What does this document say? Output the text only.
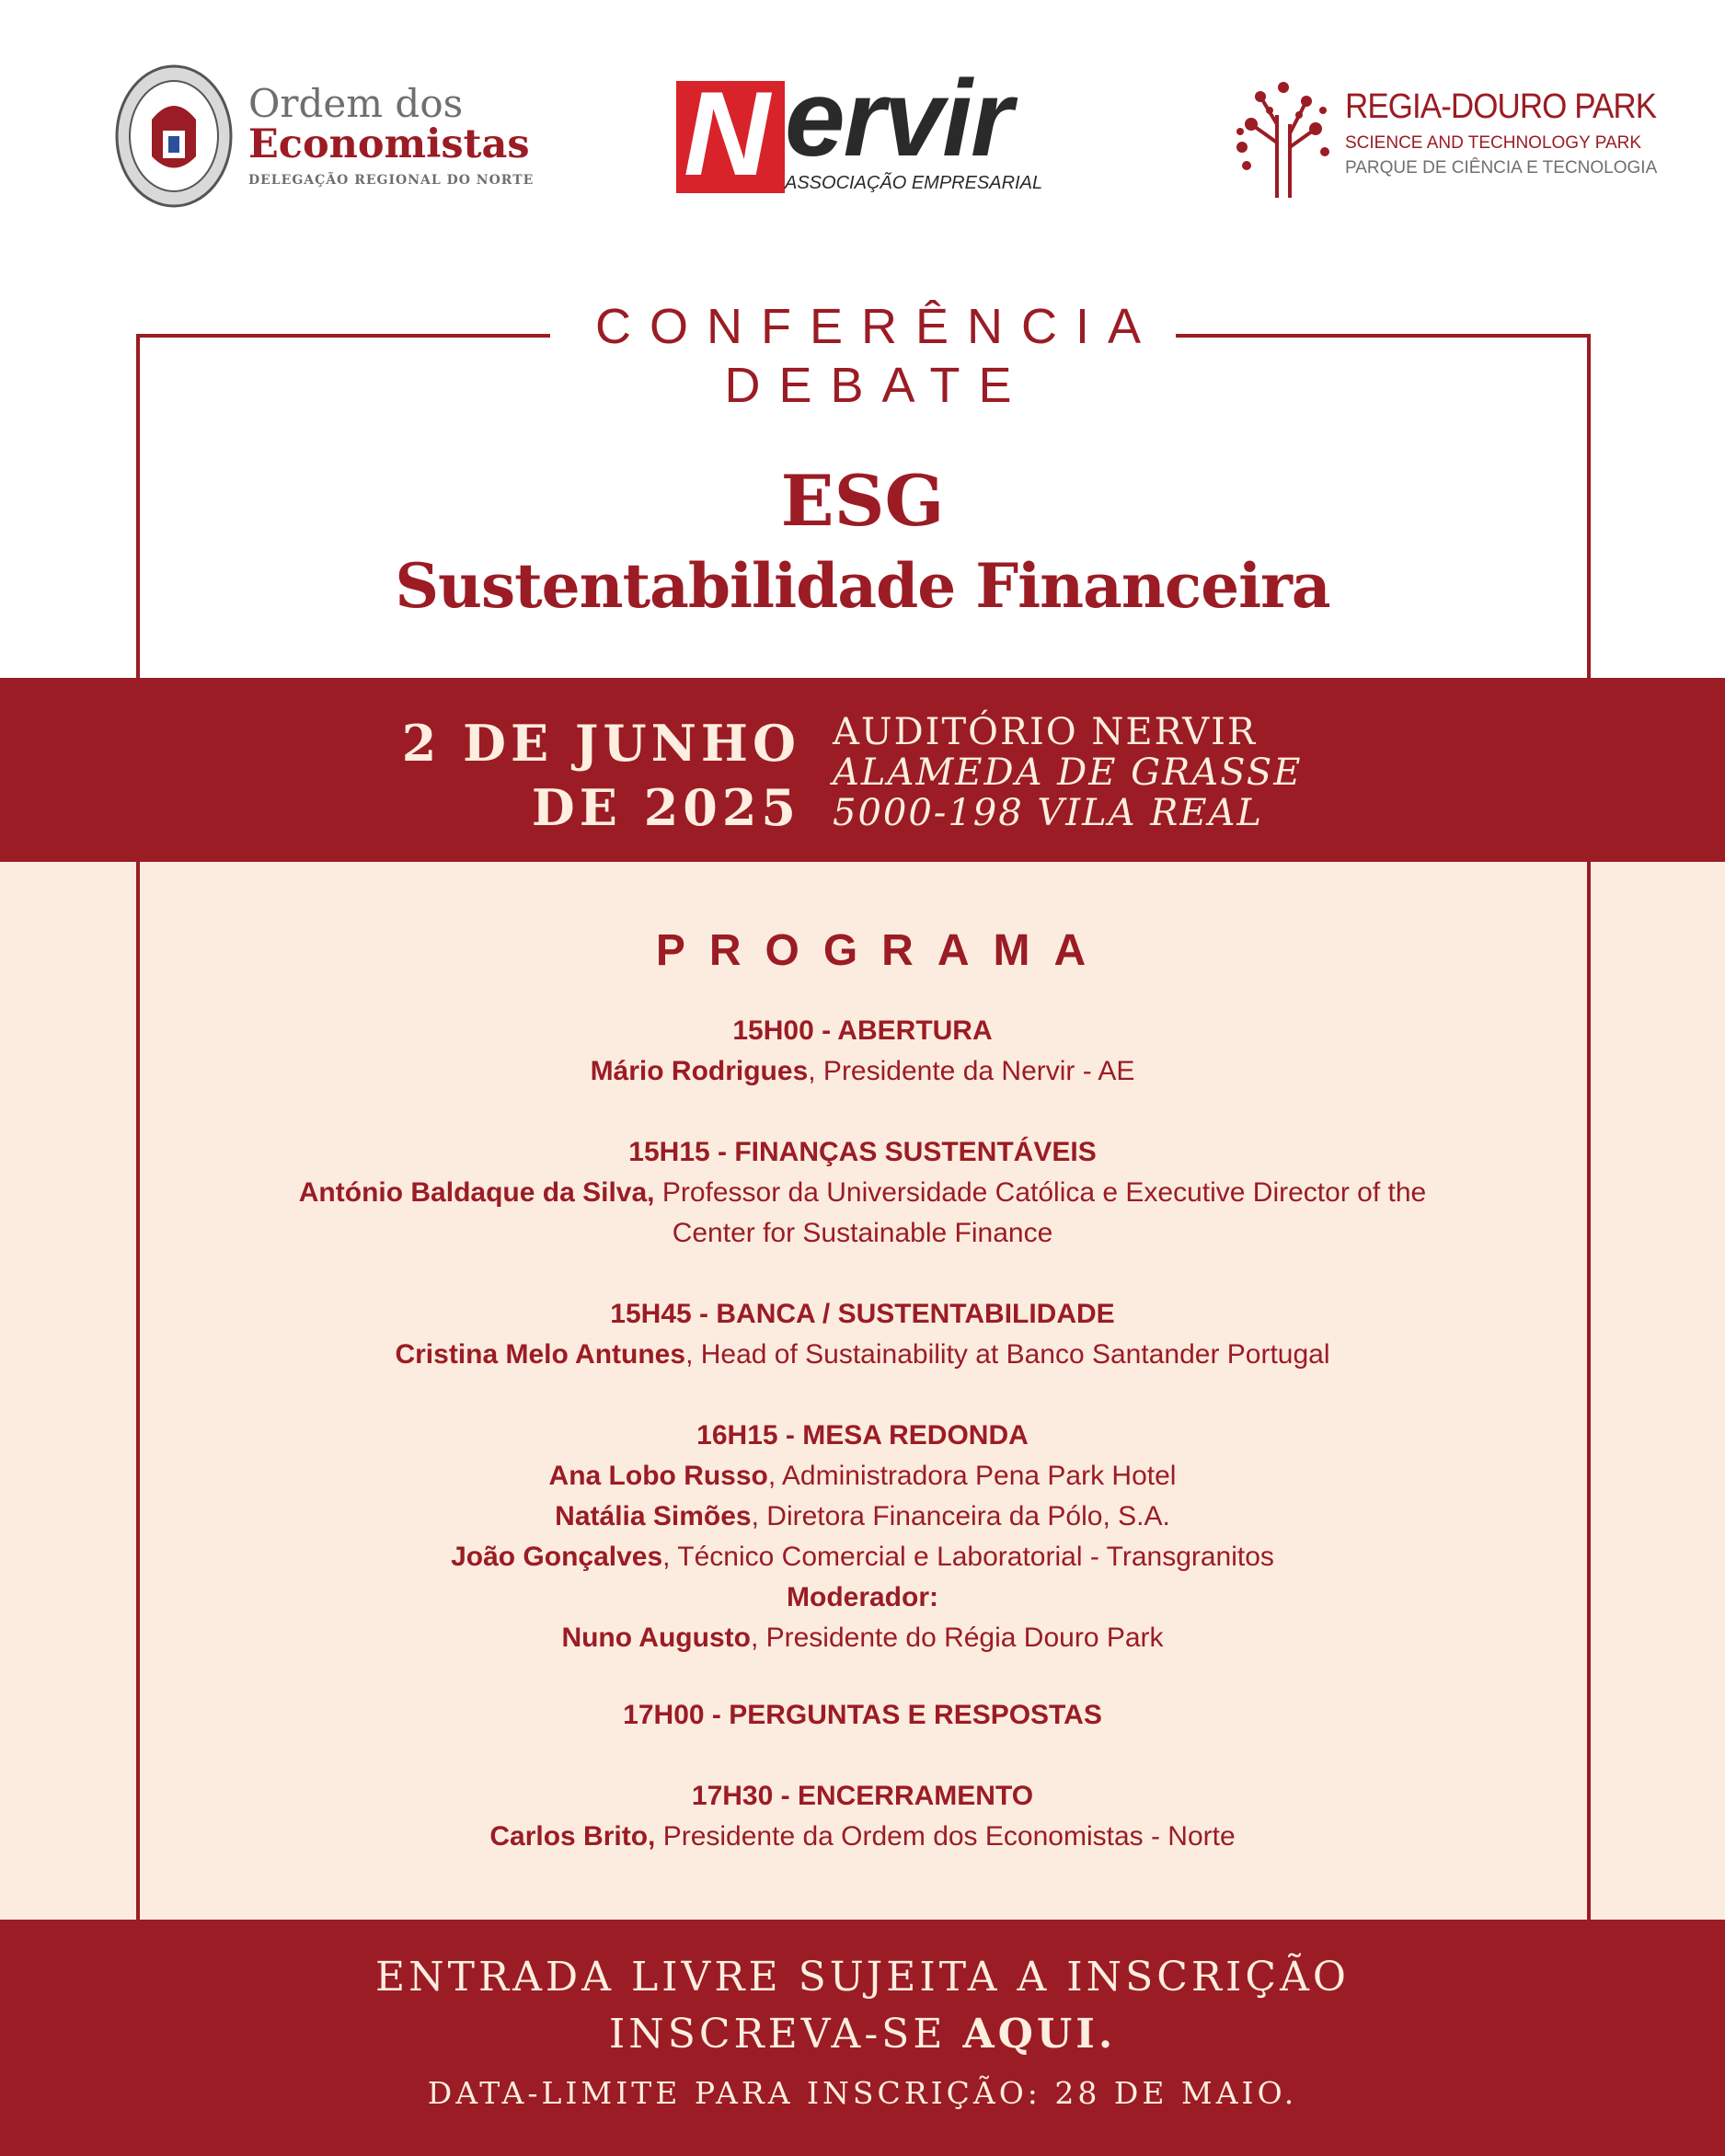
Ordem dos
Economistas
DELEGAÇÃO REGIONAL DO NORTE N ervir
ASSOCIAÇÃO EMPRESARIAL
REGIA-DOURO PARK
SCIENCE AND TECHNOLOGY PARK
PARQUE DE CIÊNCIA E TECNOLOGIA
CONFERÊNCIA
DEBATE
ESG
Sustentabilidade Financeira
2 DE JUNHO
DE 2025
AUDITÓRIO NERVIR
ALAMEDA DE GRASSE
5000-198 VILA REAL
PROGRAMA
15H00 - ABERTURA
Mário Rodrigues, Presidente da Nervir - AE
15H15 - FINANÇAS SUSTENTÁVEIS
António Baldaque da Silva, Professor da Universidade Católica e Executive Director of the
Center for Sustainable Finance
15H45 - BANCA / SUSTENTABILIDADE
Cristina Melo Antunes, Head of Sustainability at Banco Santander Portugal
16H15 - MESA REDONDA
Ana Lobo Russo, Administradora Pena Park Hotel
Natália Simões, Diretora Financeira da Pólo, S.A.
João Gonçalves, Técnico Comercial e Laboratorial - Transgranitos
Moderador:
Nuno Augusto, Presidente do Régia Douro Park
17H00 - PERGUNTAS E RESPOSTAS
17H30 - ENCERRAMENTO
Carlos Brito, Presidente da Ordem dos Economistas - Norte
ENTRADA LIVRE SUJEITA A INSCRIÇÃO
INSCREVA-SE AQUI.
DATA-LIMITE PARA INSCRIÇÃO: 28 DE MAIO.
